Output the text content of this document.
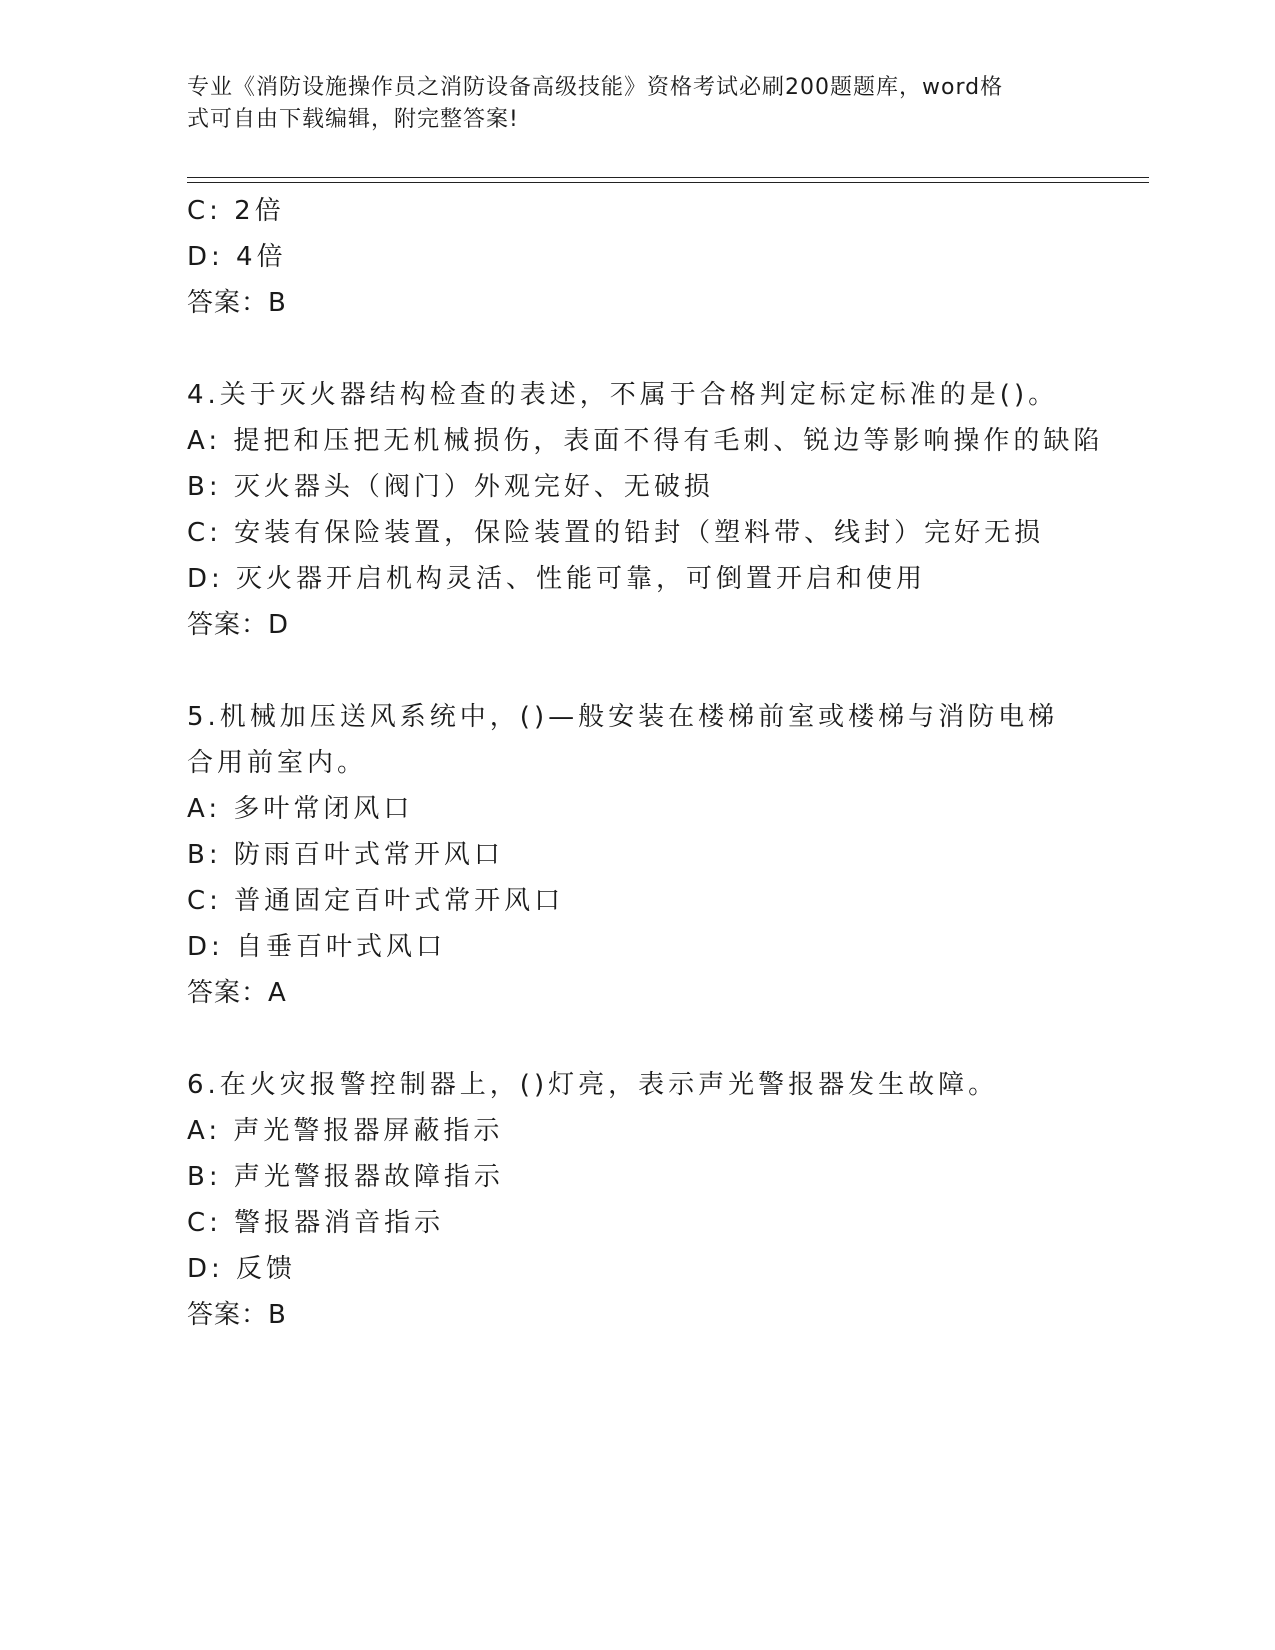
专业《消防设施操作员之消防设备高级技能》资格考试必刷200题题库，word格
式可自由下载编辑，附完整答案!
C: 2倍
D: 4倍
答案：B
4.关于灭火器结构检查的表述，不属于合格判定标定标准的是()。
A: 提把和压把无机械损伤，表面不得有毛刺、锐边等影响操作的缺陷
B: 灭火器头（阀门）外观完好、无破损
C: 安装有保险装置，保险装置的铅封（塑料带、线封）完好无损
D: 灭火器开启机构灵活、性能可靠，可倒置开启和使用
答案：D
5.机械加压送风系统中，()—般安装在楼梯前室或楼梯与消防电梯
合用前室内。
A: 多叶常闭风口
B: 防雨百叶式常开风口
C: 普通固定百叶式常开风口
D: 自垂百叶式风口
答案：A
6.在火灾报警控制器上，()灯亮，表示声光警报器发生故障。
A: 声光警报器屏蔽指示
B: 声光警报器故障指示
C: 警报器消音指示
D: 反馈
答案：B
